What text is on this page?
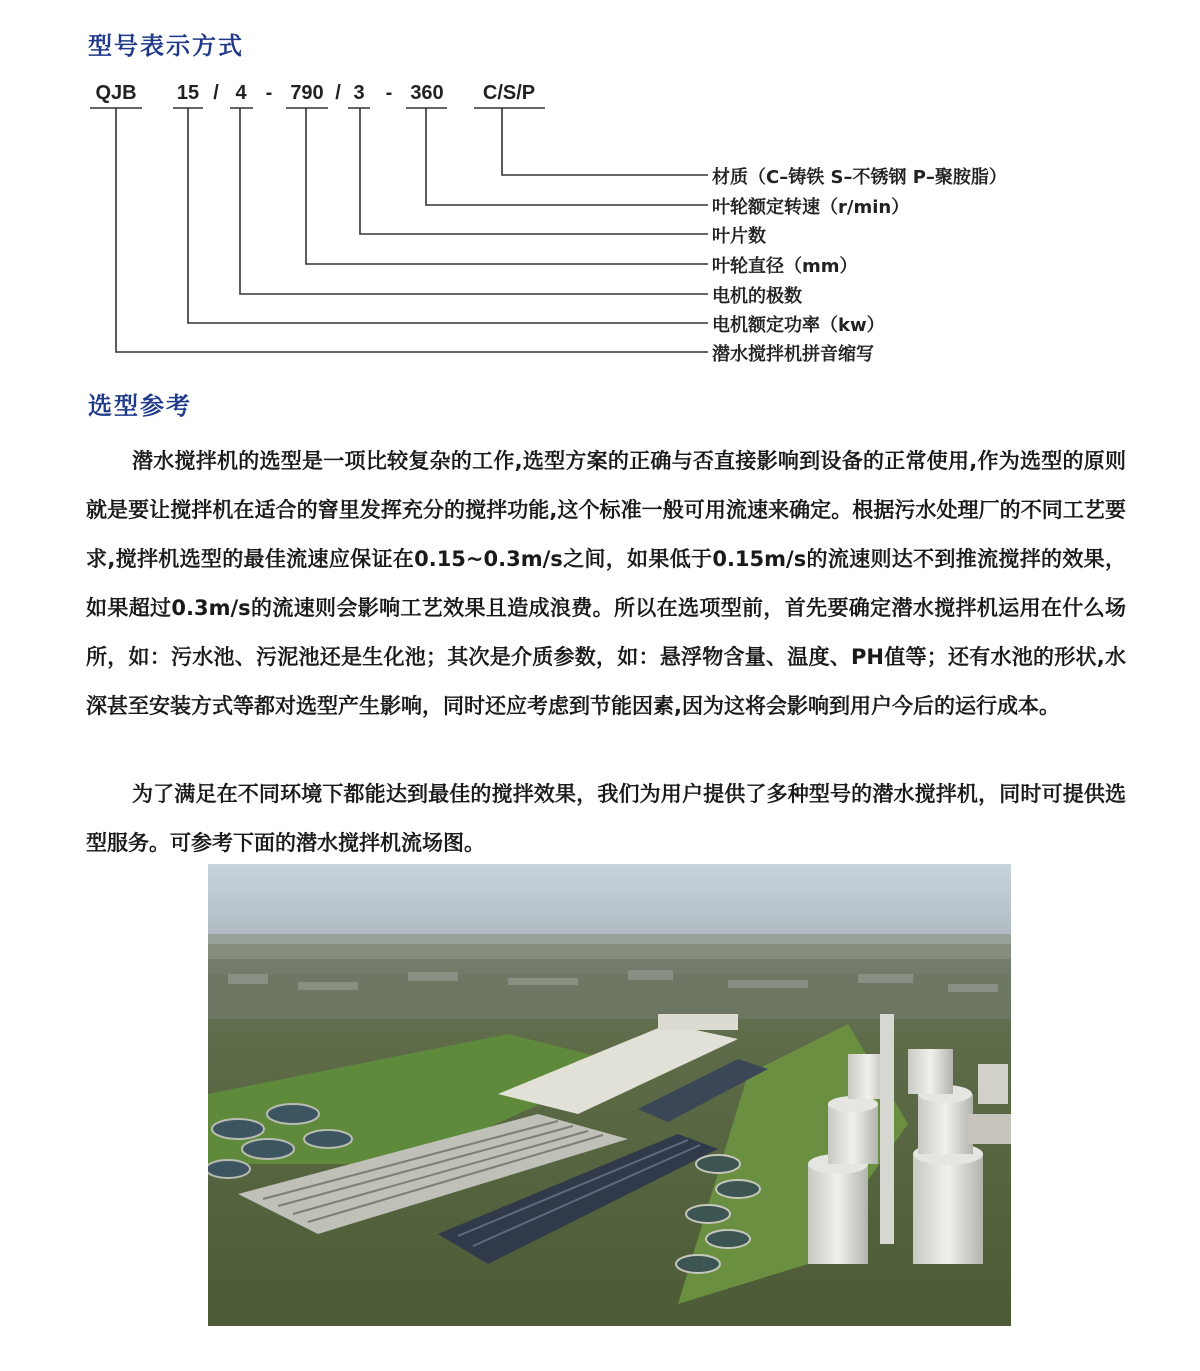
型号表示方式
QJB 15 / 4 - 790 / 3	- 360	C/S/P
材质（C–铸铁 S–不锈钢 P–聚胺脂）
叶轮额定转速（r/min）
叶片数
叶轮直径（mm）
电机的极数
电机额定功率（kw）
潜水搅拌机拼音缩写
选型参考

潜水搅拌机的选型是一项比较复杂的工作,选型方案的正确与否直接影响到设备的正常使用,作为选型的原则就是要让搅拌机在适合的窨里发挥充分的搅拌功能,这个标准一般可用流速来确定。根据污水处理厂的不同工艺要求,搅拌机选型的最佳流速应保证在0.15~0.3m/s之间，如果低于0.15m/s的流速则达不到推流搅拌的效果，如果超过0.3m/s的流速则会影响工艺效果且造成浪费。所以在选项型前，首先要确定潜水搅拌机运用在什么场所，如：污水池、污泥池还是生化池；其次是介质参数，如：悬浮物含量、温度、PH值等；还有水池的形状,水深甚至安装方式等都对选型产生影响，同时还应考虑到节能因素,因为这将会影响到用户今后的运行成本。

为了满足在不同环境下都能达到最佳的搅拌效果，我们为用户提供了多种型号的潜水搅拌机，同时可提供选型服务。可参考下面的潜水搅拌机流场图。
